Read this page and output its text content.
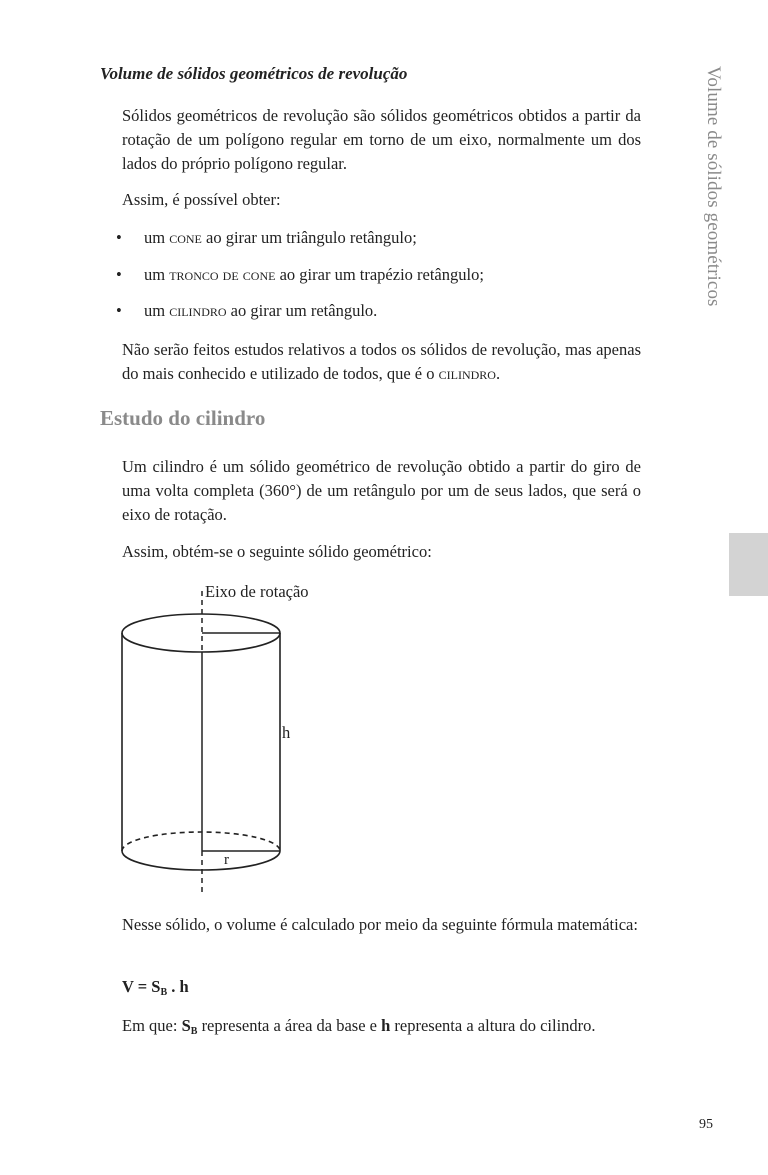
Volume de sólidos geométricos
Volume de sólidos geométricos de revolução

Sólidos geométricos de revolução são sólidos geométricos obtidos a partir da rotação de um polígono regular em torno de um eixo, normalmente um dos lados do próprio polígono regular.

Assim, é possível obter:

• um cone ao girar um triângulo retângulo;

• um tronco de cone ao girar um trapézio retângulo;

• um cilindro ao girar um retângulo.

Não serão feitos estudos relativos a todos os sólidos de revolução, mas apenas do mais conhecido e utilizado de todos, que é o cilindro.

Estudo do cilindro

Um cilindro é um sólido geométrico de revolução obtido a partir do giro de uma volta completa (360°) de um retângulo por um de seus lados, que será o eixo de rotação.

Assim, obtém-se o seguinte sólido geométrico:

Eixo de rotação
h
r

Nesse sólido, o volume é calculado por meio da seguinte fórmula matemática:

$V = S_B$ . h

Em que: $S_B$ representa a área da base e h representa a altura do cilindro.

95
